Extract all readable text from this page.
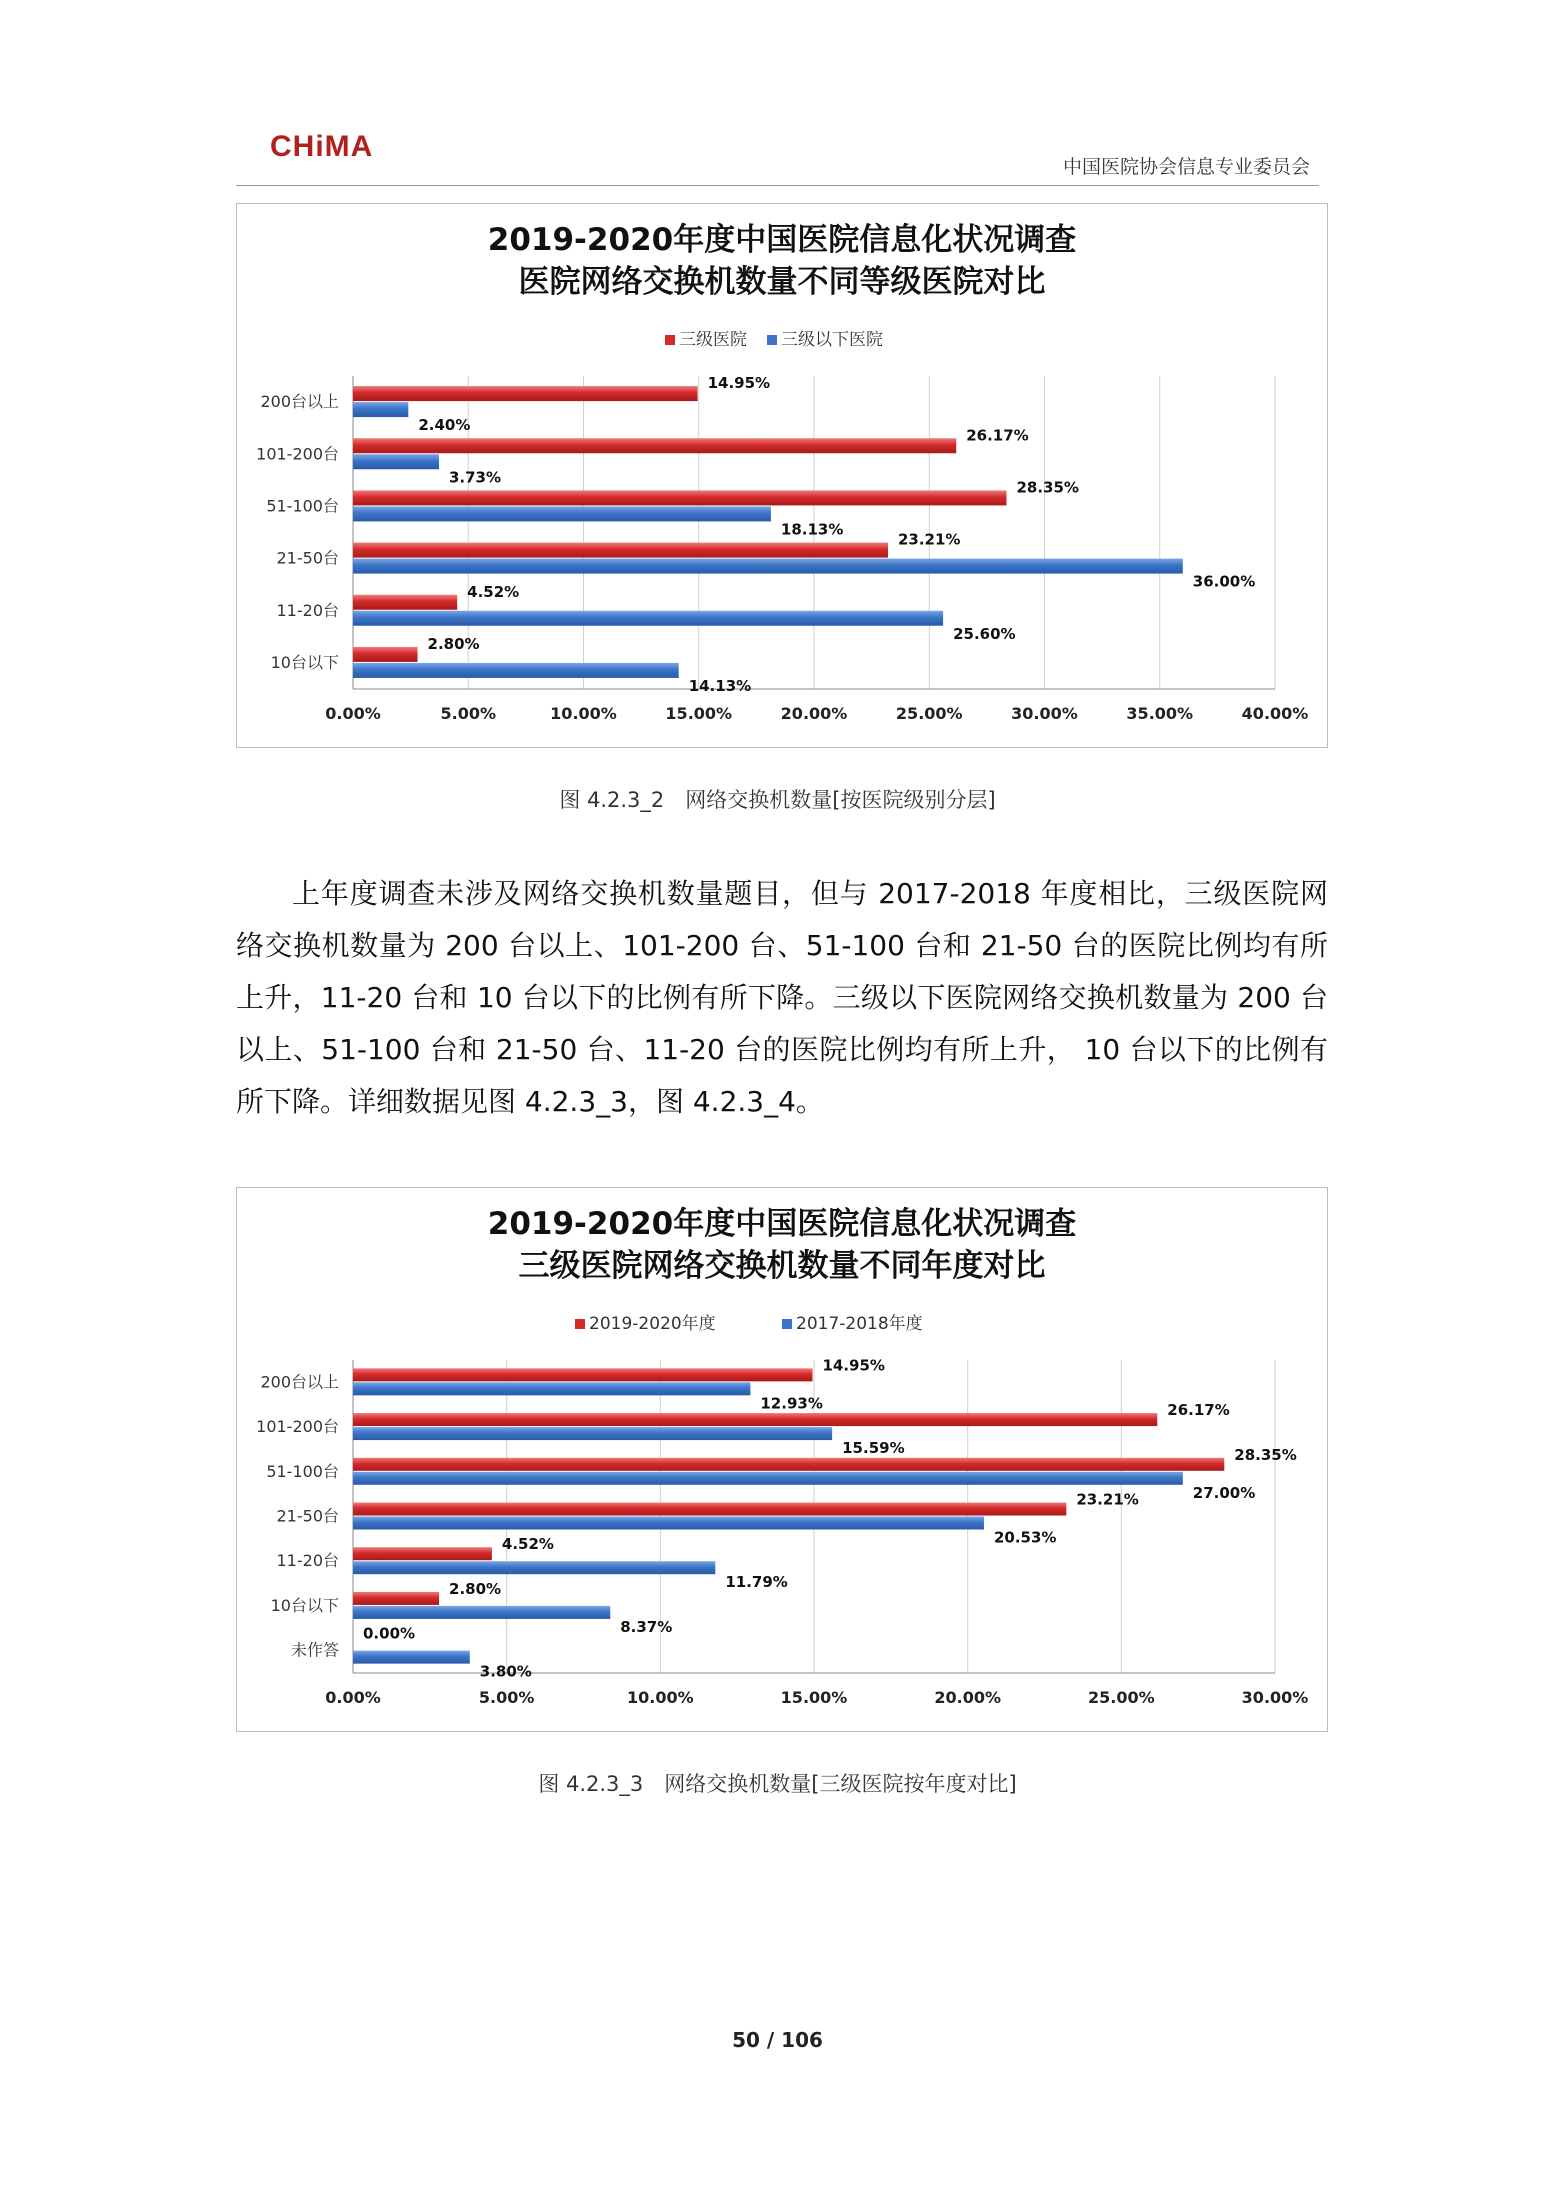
CHiMA
中国医院协会信息专业委员会
2019-2020年度中国医院信息化状况调查
医院网络交换机数量不同等级医院对比
三级医院 三级以下医院
0.00%	5.00%	10.00%	15.00%	20.00%	25.00%	30.00%	35.00%	40.00%
200台以上
14.95%
2.40%
101-200台
26.17%
3.73%
51-100台
28.35%
18.13%
21-50台
23.21%
36.00%
11-20台
4.52%
25.60%
10台以下
2.80%
14.13%
图 4.2.3_2　网络交换机数量[按医院级别分层]

上年度调查未涉及网络交换机数量题目，但与 2017-2018 年度相比，三级医院网络交换机数量为 200 台以上、101-200 台、51-100 台和 21-50 台的医院比例均有所上升，11-20 台和 10 台以下的比例有所下降。三级以下医院网络交换机数量为 200 台以上、51-100 台和 21-50 台、11-20 台的医院比例均有所上升， 10 台以下的比例有所下降。详细数据见图 4.2.3_3，图 4.2.3_4。

2019-2020年度中国医院信息化状况调查
三级医院网络交换机数量不同年度对比
2019-2020年度	2017-2018年度
0.00%	5.00%	10.00%	15.00%	20.00%	25.00%	30.00%
200台以上
14.95%
12.93%
101-200台
26.17%
15.59%
51-100台
28.35%
27.00%
21-50台
23.21%
20.53%
11-20台
4.52%
11.79%
10台以下
2.80%
8.37%
未作答
0.00%
3.80%
图 4.2.3_3　网络交换机数量[三级医院按年度对比]
50 / 106
